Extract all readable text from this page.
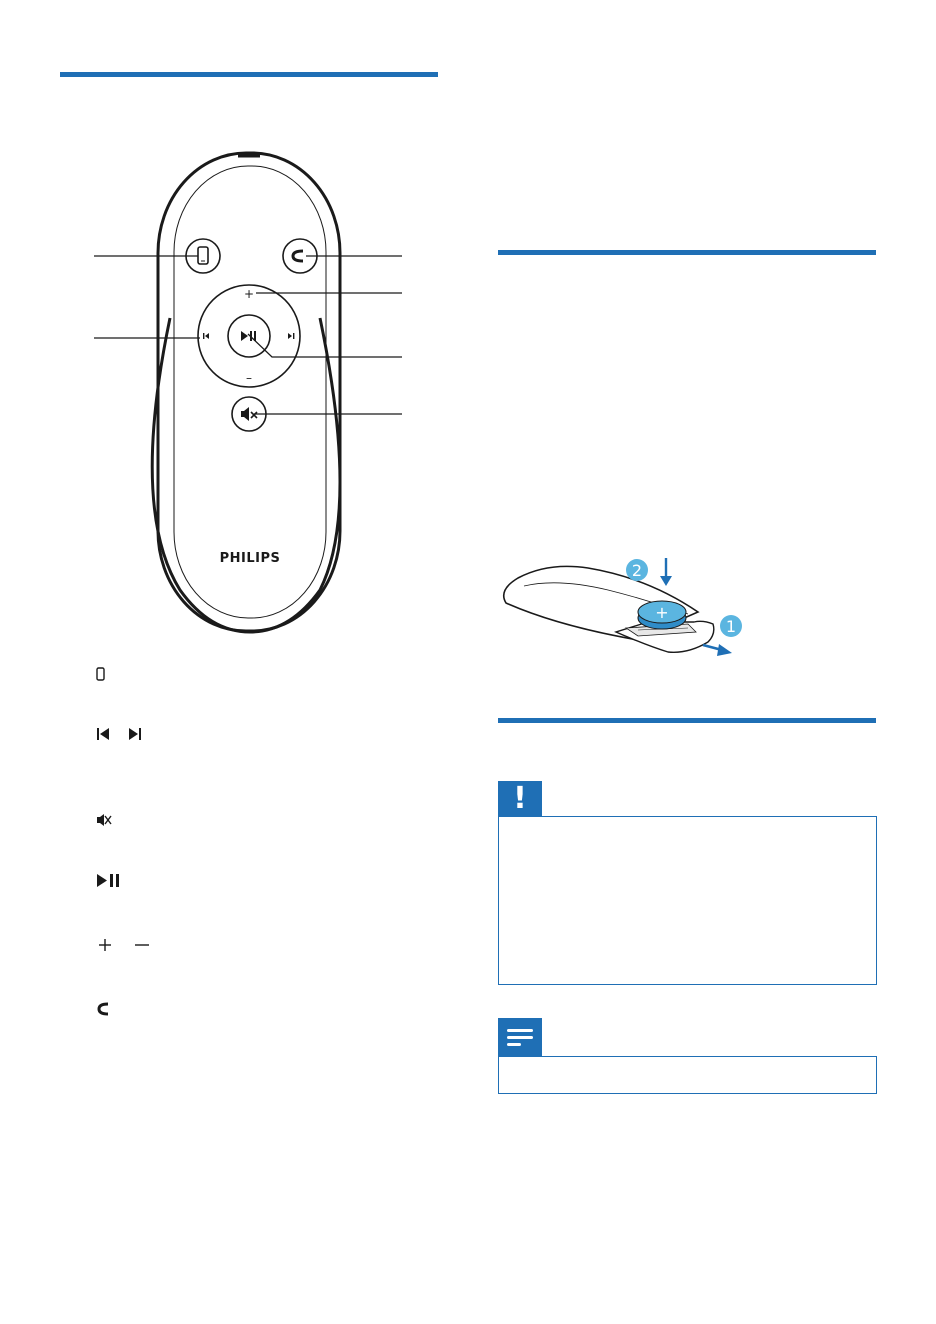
+
–
PHILIPS
+
2
1
!
